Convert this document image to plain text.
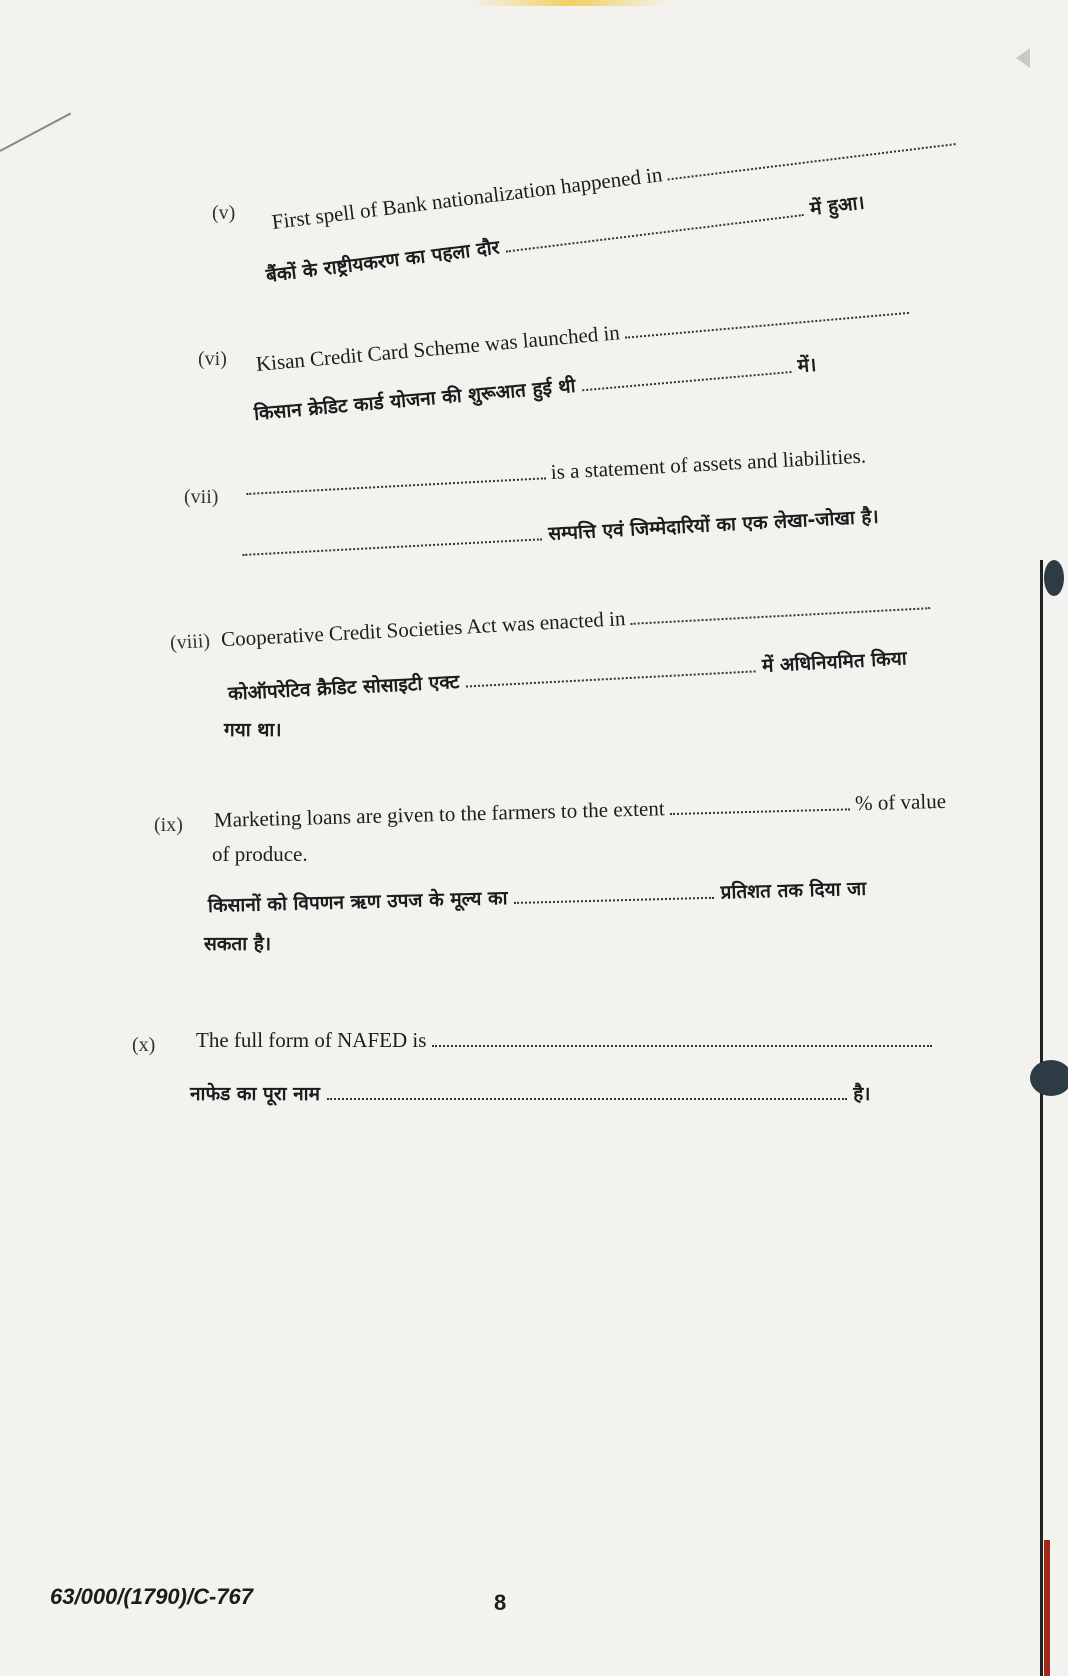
(v) First spell of Bank nationalization happened in
बैंकों के राष्ट्रीयकरण का पहला दौर  में हुआ।
(vi) Kisan Credit Card Scheme was launched in
किसान क्रेडिट कार्ड योजना की शुरूआत हुई थी  में।
(vii)
is a statement of assets and liabilities.
सम्पत्ति एवं जिम्मेदारियों का एक लेखा-जोखा है।
(viii) Cooperative Credit Societies Act was enacted in
कोऑपरेटिव क्रैडिट सोसाइटी एक्ट  में अधिनियमित किया
गया था।
(ix) Marketing loans are given to the farmers to the extent	% of value
of produce.
किसानों को विपणन ऋण उपज के मूल्य का	प्रतिशत तक दिया जा
सकता है।
(x) The full form of NAFED is
नाफेड का पूरा नाम	है।
63/000/(1790)/C-767	8
